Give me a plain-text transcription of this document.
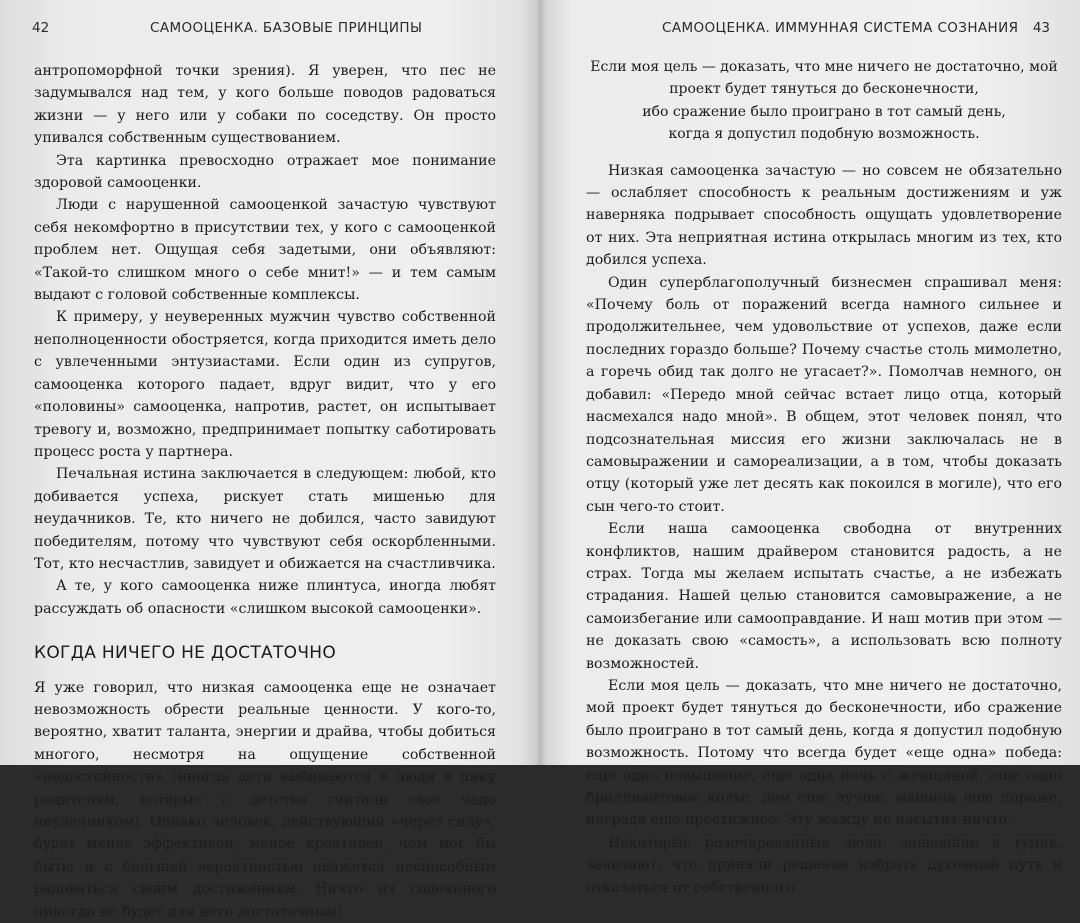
42	САМООЦЕНКА. БАЗОВЫЕ ПРИНЦИПЫ

антропоморфной точки зрения). Я уверен, что пес не задумывался над тем, у кого больше поводов радоваться жизни — у него или у собаки по соседству. Он просто упивался собственным существованием.

Эта картинка превосходно отражает мое понимание здоровой самооценки.

Люди с нарушенной самооценкой зачастую чувствуют себя некомфортно в присутствии тех, у кого с самооценкой проблем нет. Ощущая себя задетыми, они объявляют: «Такой-то слишком много о себе мнит!» — и тем самым выдают с головой собственные комплексы.

К примеру, у неуверенных мужчин чувство собственной неполноценности обостряется, когда приходится иметь дело с увлеченными энтузиастами. Если один из супругов, самооценка которого падает, вдруг видит, что у его «половины» самооценка, напротив, растет, он испытывает тревогу и, возможно, предпринимает попытку саботировать процесс роста у партнера.

Печальная истина заключается в следующем: любой, кто добивается успеха, рискует стать мишенью для неудачников. Те, кто ничего не добился, часто завидуют победителям, потому что чувствуют себя оскорбленными. Тот, кто несчастлив, завидует и обижается на счастливчика.

А те, у кого самооценка ниже плинтуса, иногда любят рассуждать об опасности «слишком высокой самооценки».

КОГДА НИЧЕГО НЕ ДОСТАТОЧНО

Я уже говорил, что низкая самооценка еще не означает невозможность обрести реальные ценности. У кого-то, вероятно, хватит таланта, энергии и драйва, чтобы добиться многого, несмотря на ощущение собственной «недостойности» (иногда дети выбиваются в люди в пику родителям, которые с детства считали свое чадо неудачником). Однако человек, действующий «через силу», будет менее эффективен, менее креативен, чем мог бы быть; и с большей вероятностью окажется неспособным радоваться своим достижениям. Ничто из содеянного никогда не будет для него достаточным!

САМООЦЕНКА. ИММУННАЯ СИСТЕМА СОЗНАНИЯ 43
Если моя цель — доказать, что мне ничего не достаточно, мой
проект будет тянуться до бесконечности,
ибо сражение было проиграно в тот самый день,
когда я допустил подобную возможность.

Низкая самооценка зачастую — но совсем не обязательно — ослабляет способность к реальным достижениям и уж наверняка подрывает способность ощущать удовлетворение от них. Эта неприятная истина открылась многим из тех, кто добился успеха.

Один суперблагополучный бизнесмен спрашивал меня: «Почему боль от поражений всегда намного сильнее и продолжительнее, чем удовольствие от успехов, даже если последних гораздо больше? Почему счастье столь мимолетно, а горечь обид так долго не угасает?». Помолчав немного, он добавил: «Передо мной сейчас встает лицо отца, который насмехался надо мной». В общем, этот человек понял, что подсознательная миссия его жизни заключалась не в самовыражении и самореализации, а в том, чтобы доказать отцу (который уже лет десять как покоился в могиле), что его сын чего-то стоит.

Если наша самооценка свободна от внутренних конфликтов, нашим драйвером становится радость, а не страх. Тогда мы желаем испытать счастье, а не избежать страдания. Нашей целью становится самовыражение, а не самоизбегание или самооправдание. И наш мотив при этом — не доказать свою «самость», а использовать всю полноту возможностей.

Если моя цель — доказать, что мне ничего не достаточно, мой проект будет тянуться до бесконечности, ибо сражение было проиграно в тот самый день, когда я допустил подобную возможность. Потому что всегда будет «еще одна» победа: еще одно повышение, еще одна ночь с женщиной, еще одно бриллиантовое колье, дом еще лучше, машина еще дороже, награда еще престижнее. Эту жажду не насытит ничто.

Некоторые разочарованные люди, зашедшие в тупик, заявляют, что приняли решение избрать духовный путь и отказаться от собственного
